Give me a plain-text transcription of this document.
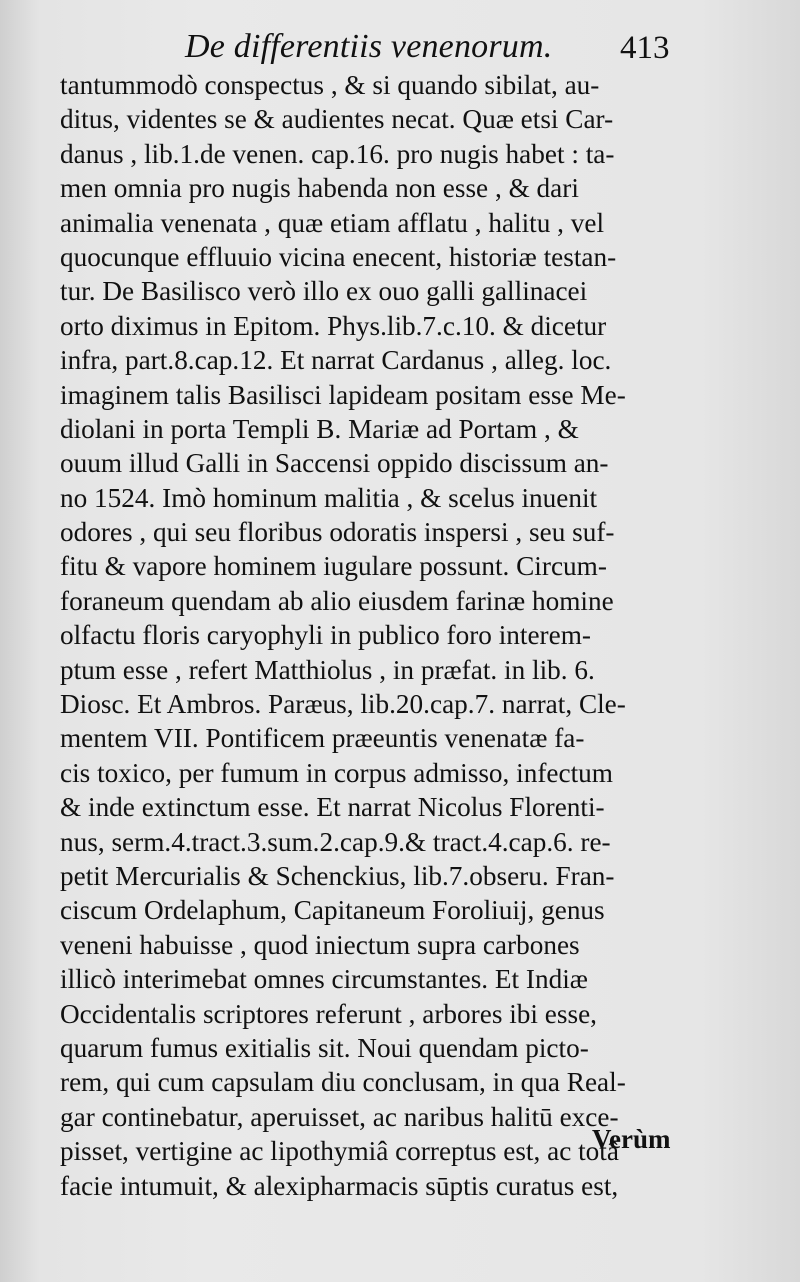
De differentiis venenorum. 413
tantummodò conspectus , & si quando sibilat, au-
ditus, videntes se & audientes necat. Quæ etsi Car-
danus , lib.1.de venen. cap.16. pro nugis habet : ta-
men omnia pro nugis habenda non esse , & dari
animalia venenata , quæ etiam afflatu , halitu , vel
quocunque effluuio vicina enecent, historiæ testan-
tur. De Basilisco verò illo ex ouo galli gallinacei
orto diximus in Epitom. Phys.lib.7.c.10. & dicetur
infra, part.8.cap.12. Et narrat Cardanus , alleg. loc.
imaginem talis Basilisci lapideam positam esse Me-
diolani in porta Templi B. Mariæ ad Portam , &
ouum illud Galli in Saccensi oppido discissum an-
no 1524. Imò hominum malitia , & scelus inuenit
odores , qui seu floribus odoratis inspersi , seu suf-
fitu & vapore hominem iugulare possunt. Circum-
foraneum quendam ab alio eiusdem farinæ homine
olfactu floris caryophyli in publico foro interem-
ptum esse , refert Matthiolus , in præfat. in lib. 6.
Diosc. Et Ambros. Paræus, lib.20.cap.7. narrat, Cle-
mentem VII. Pontificem præeuntis venenatæ fa-
cis toxico, per fumum in corpus admisso, infectum
& inde extinctum esse. Et narrat Nicolus Florenti-
nus, serm.4.tract.3.sum.2.cap.9.& tract.4.cap.6. re-
petit Mercurialis & Schenckius, lib.7.obseru. Fran-
ciscum Ordelaphum, Capitaneum Foroliuij, genus
veneni habuisse , quod iniectum supra carbones
illicò interimebat omnes circumstantes. Et Indiæ
Occidentalis scriptores referunt , arbores ibi esse,
quarum fumus exitialis sit. Noui quendam picto-
rem, qui cum capsulam diu conclusam, in qua Real-
gar continebatur, aperuisset, ac naribus halitū exce-
pisset, vertigine ac lipothymiâ correptus est, ac totâ
facie intumuit, & alexipharmacis sūptis curatus est,
Verùm
